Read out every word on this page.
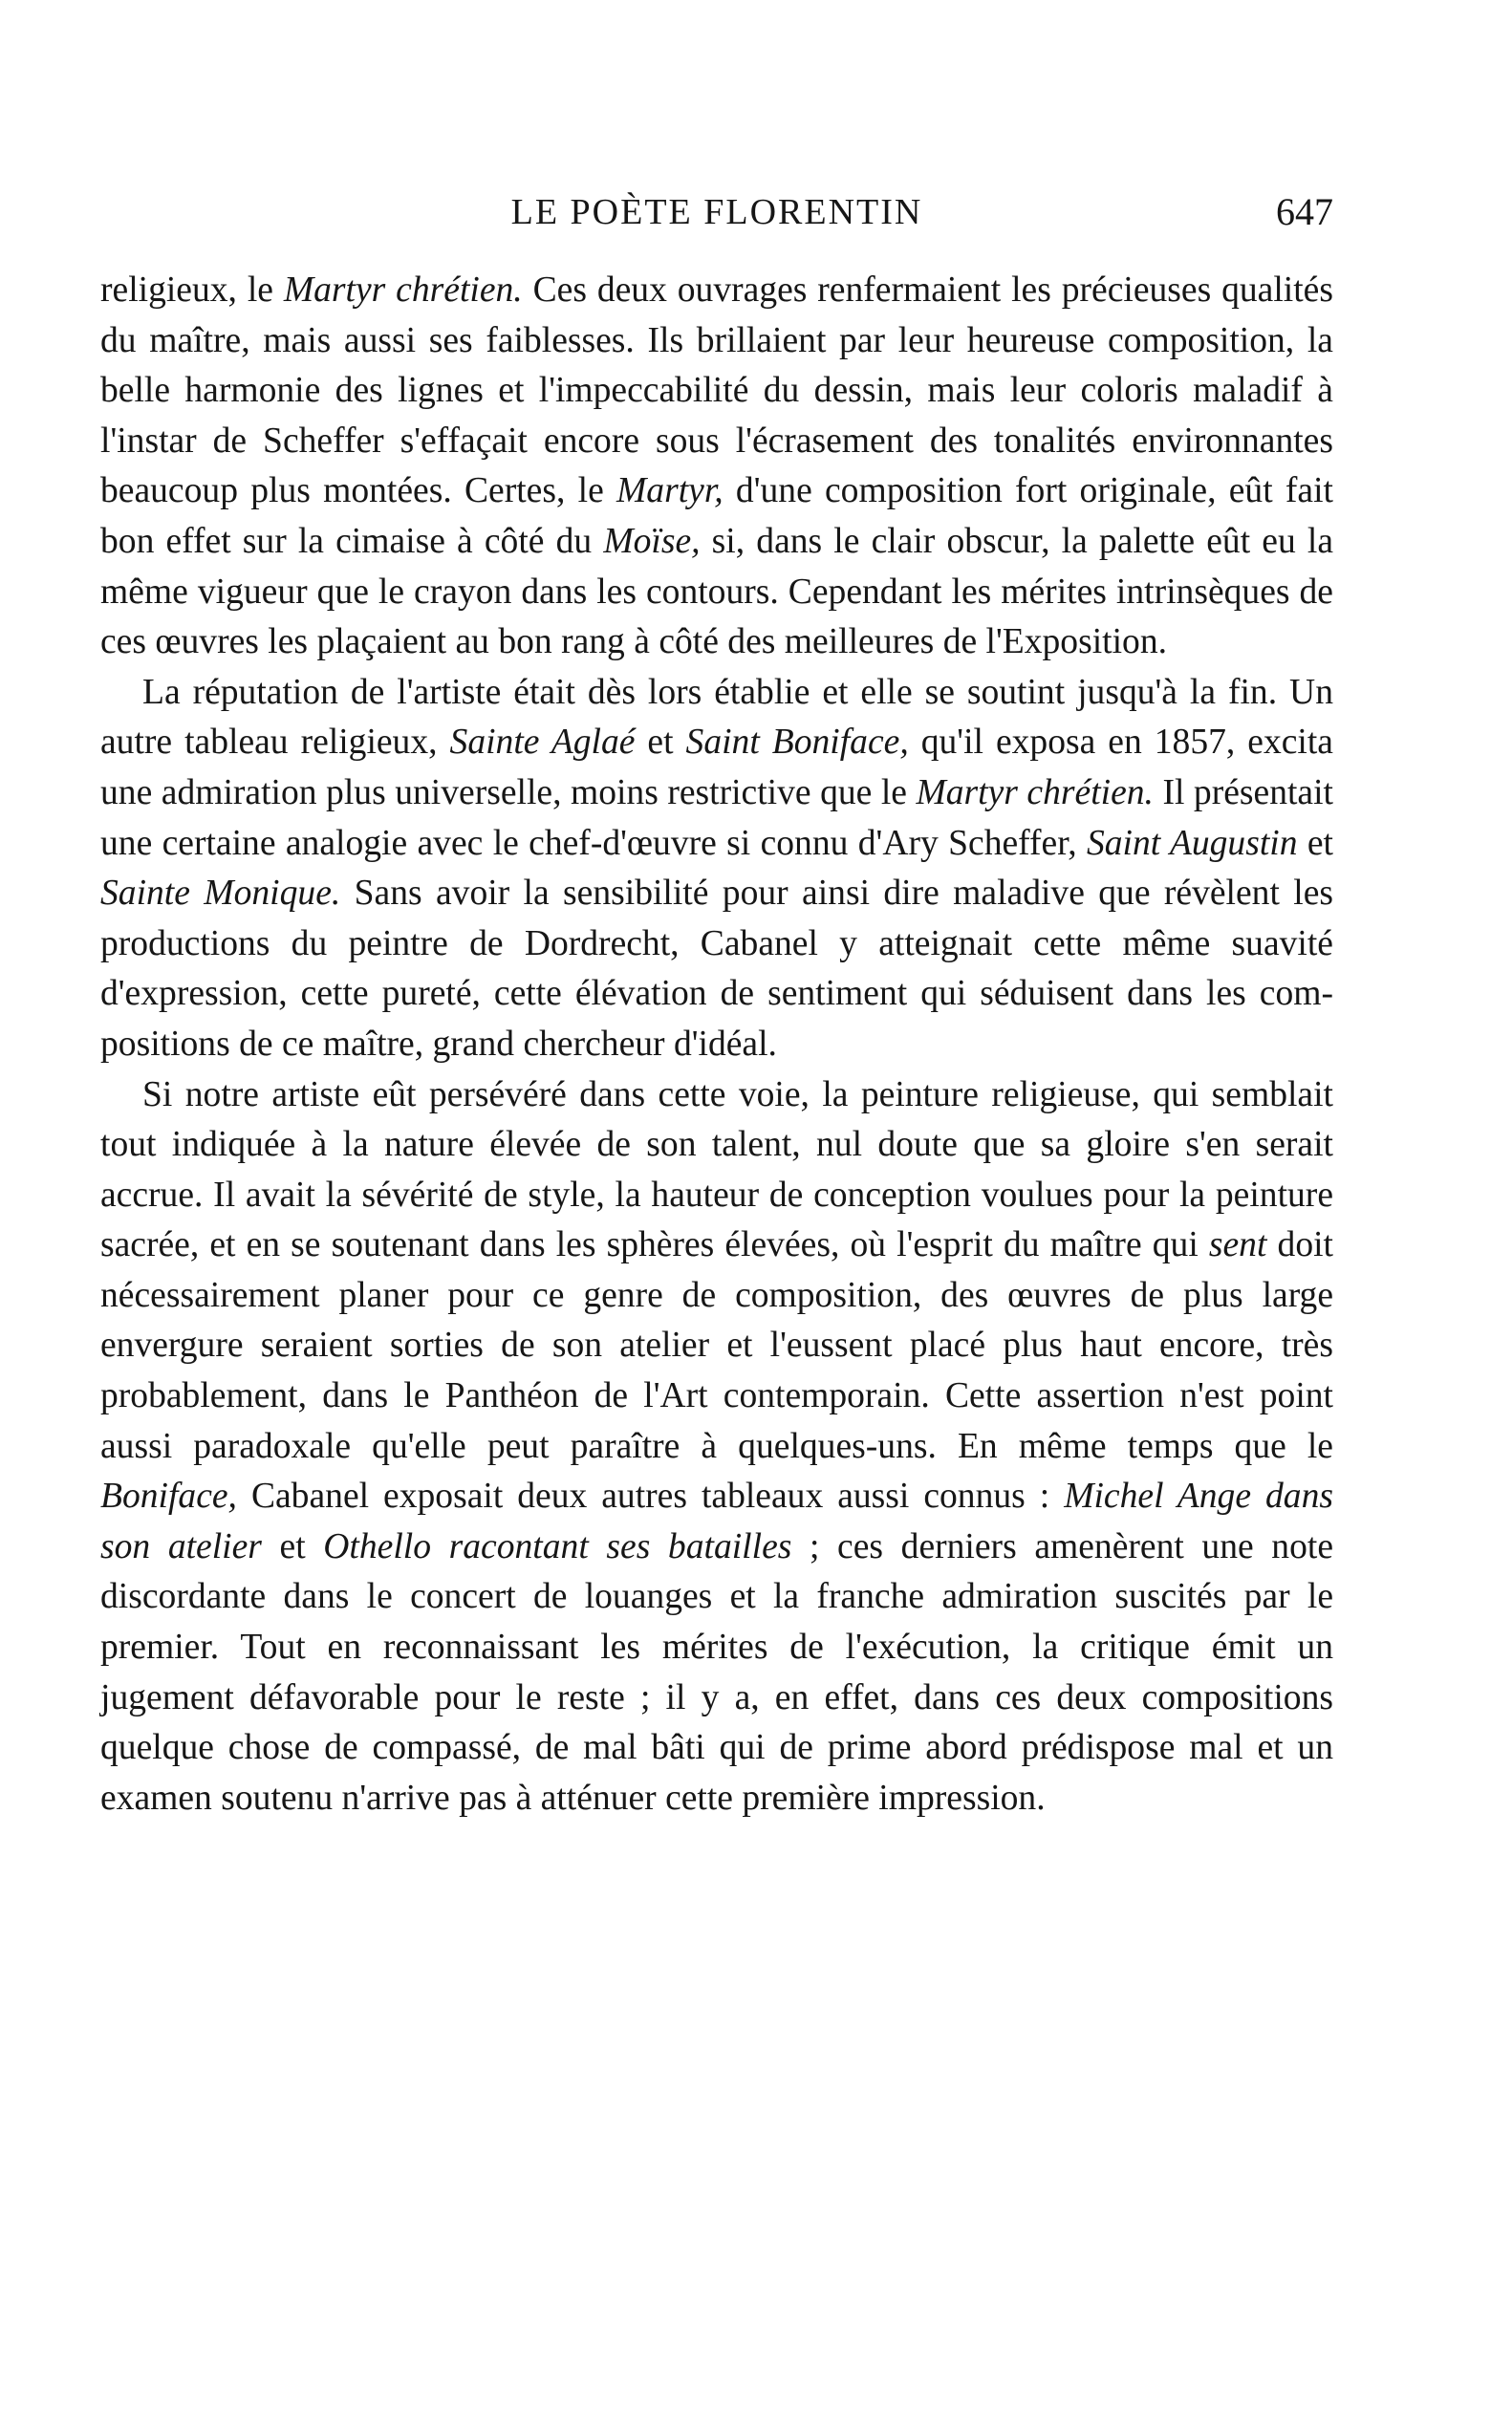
LE POÈTE FLORENTIN	647

religieux, le Martyr chrétien. Ces deux ouvrages renfermaient les précieuses qualités du maître, mais aussi ses faiblesses. Ils brillaient par leur heureuse composition, la belle harmonie des lignes et l'impeccabilité du dessin, mais leur coloris maladif à l'instar de Scheffer s'effaçait encore sous l'écrasement des tonalités environnantes beaucoup plus montées. Certes, le Martyr, d'une composition fort originale, eût fait bon effet sur la cimaise à côté du Moïse, si, dans le clair obscur, la palette eût eu la même vigueur que le crayon dans les contours. Cependant les mérites intrinsèques de ces œuvres les plaçaient au bon rang à côté des meilleures de l'Exposition.

La réputation de l'artiste était dès lors établie et elle se soutint jusqu'à la fin. Un autre tableau religieux, Sainte Aglaé et Saint Boniface, qu'il exposa en 1857, excita une admiration plus universelle, moins restrictive que le Martyr chrétien. Il présentait une certaine analogie avec le chef-d'œuvre si connu d'Ary Scheffer, Saint Augustin et Sainte Monique. Sans avoir la sensibilité pour ainsi dire maladive que révèlent les productions du peintre de Dordrecht, Cabanel y atteignait cette même suavité d'expression, cette pureté, cette élévation de sentiment qui séduisent dans les compositions de ce maître, grand chercheur d'idéal.

Si notre artiste eût persévéré dans cette voie, la peinture religieuse, qui semblait tout indiquée à la nature élevée de son talent, nul doute que sa gloire s'en serait accrue. Il avait la sévérité de style, la hauteur de conception voulues pour la peinture sacrée, et en se soutenant dans les sphères élevées, où l'esprit du maître qui sent doit nécessairement planer pour ce genre de composition, des œuvres de plus large envergure seraient sorties de son atelier et l'eussent placé plus haut encore, très probablement, dans le Panthéon de l'Art contemporain. Cette assertion n'est point aussi paradoxale qu'elle peut paraître à quelques-uns. En même temps que le Boniface, Cabanel exposait deux autres tableaux aussi connus : Michel Ange dans son atelier et Othello racontant ses batailles ; ces derniers amenèrent une note discordante dans le concert de louanges et la franche admiration suscités par le premier. Tout en reconnaissant les mérites de l'exécution, la critique émit un jugement défavorable pour le reste ; il y a, en effet, dans ces deux compositions quelque chose de compassé, de mal bâti qui de prime abord prédispose mal et un examen soutenu n'arrive pas à atténuer cette première impression.
